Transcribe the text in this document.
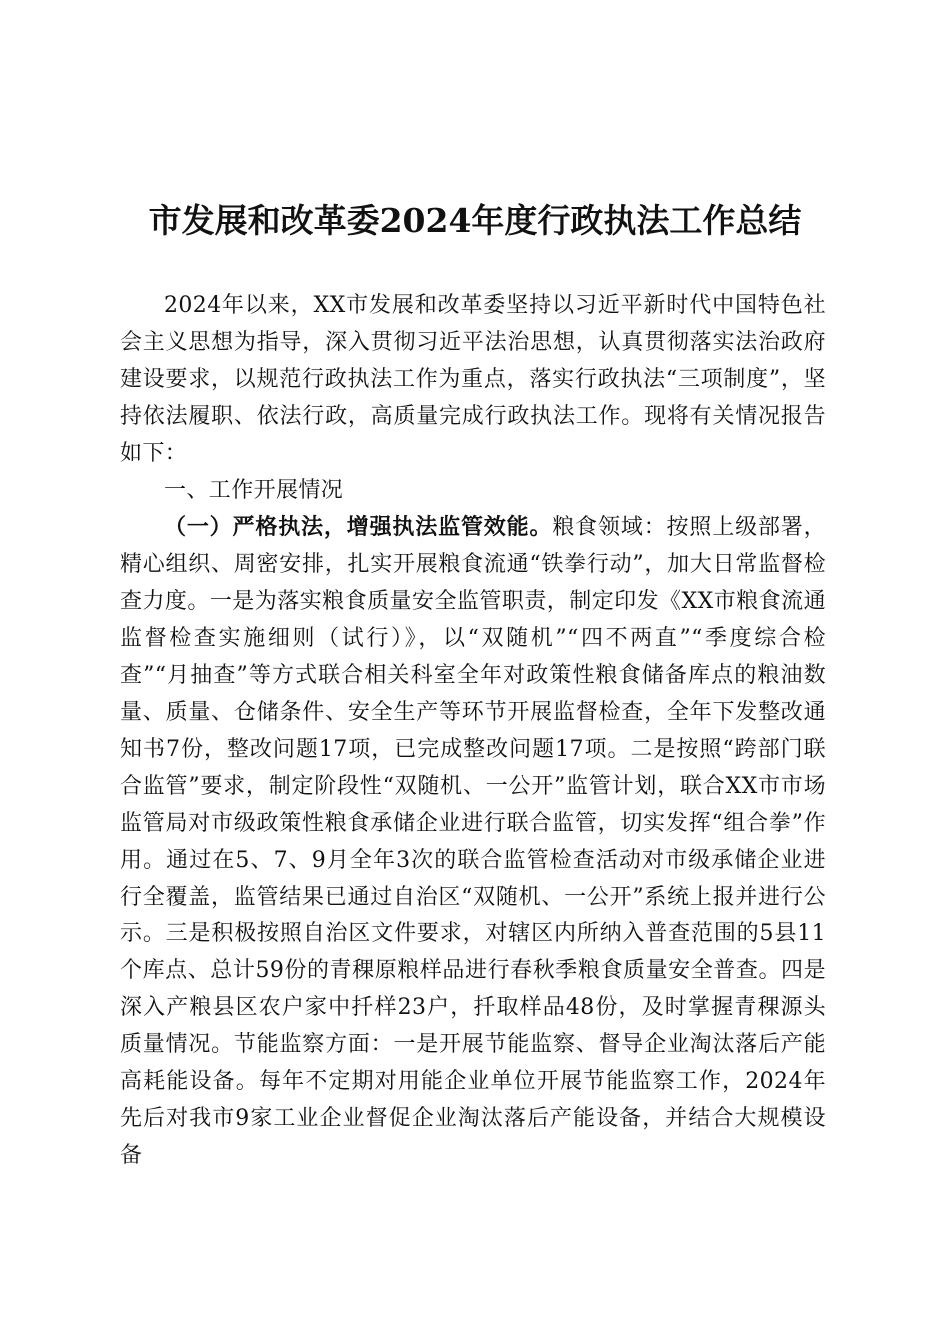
市发展和改革委2024年度行政执法工作总结

2024年以来，XX市发展和改革委坚持以习近平新时代中国特色社会主义思想为指导，深入贯彻习近平法治思想，认真贯彻落实法治政府建设要求，以规范行政执法工作为重点，落实行政执法“三项制度”，坚持依法履职、依法行政，高质量完成行政执法工作。现将有关情况报告如下：

一、工作开展情况

（一）严格执法，增强执法监管效能。粮食领域：按照上级部署，精心组织、周密安排，扎实开展粮食流通“铁拳行动”，加大日常监督检查力度。一是为落实粮食质量安全监管职责，制定印发《XX市粮食流通监督检查实施细则（试行）》，以“双随机”“四不两直”“季度综合检查”“月抽查”等方式联合相关科室全年对政策性粮食储备库点的粮油数量、质量、仓储条件、安全生产等环节开展监督检查，全年下发整改通知书7份，整改问题17项，已完成整改问题17项。二是按照“跨部门联合监管”要求，制定阶段性“双随机、一公开”监管计划，联合XX市市场监管局对市级政策性粮食承储企业进行联合监管，切实发挥“组合拳”作用。通过在5、7、9月全年3次的联合监管检查活动对市级承储企业进行全覆盖，监管结果已通过自治区“双随机、一公开”系统上报并进行公示。三是积极按照自治区文件要求，对辖区内所纳入普查范围的5县11个库点、总计59份的青稞原粮样品进行春秋季粮食质量安全普查。四是深入产粮县区农户家中扦样23户，扦取样品48份，及时掌握青稞源头质量情况。节能监察方面：一是开展节能监察、督导企业淘汰落后产能高耗能设备。每年不定期对用能企业单位开展节能监察工作，2024年先后对我市9家工业企业督促企业淘汰落后产能设备，并结合大规模设备
